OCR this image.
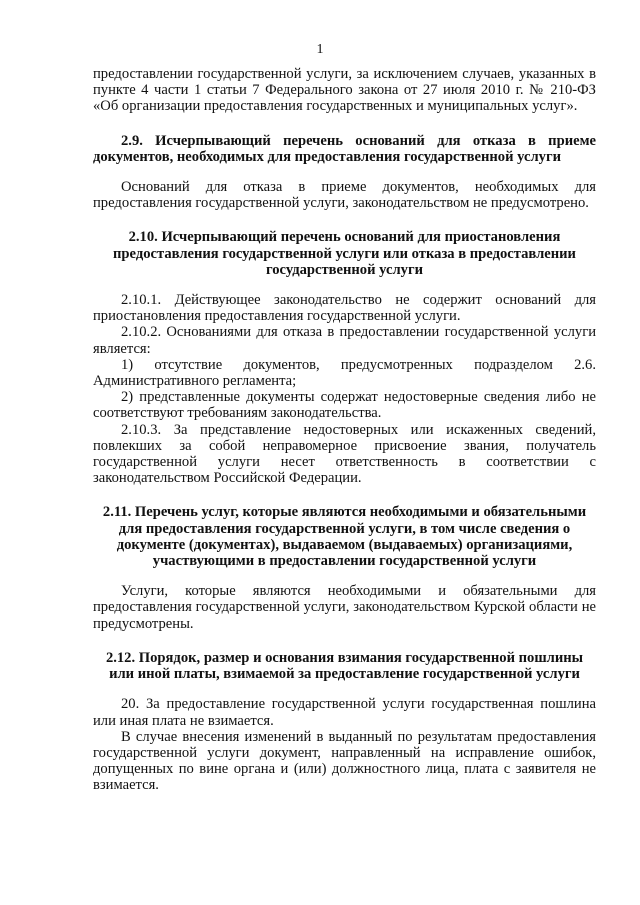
1

предоставлении государственной услуги, за исключением случаев, указанных в пункте 4 части 1 статьи 7 Федерального закона от 27 июля 2010 г. № 210-ФЗ «Об организации предоставления государственных и муниципальных услуг».

2.9. Исчерпывающий перечень оснований для отказа в приеме документов, необходимых для предоставления государственной услуги

Оснований для отказа в приеме документов, необходимых для предоставления государственной услуги, законодательством не предусмотрено.

2.10. Исчерпывающий перечень оснований для приостановления предоставления государственной услуги или отказа в предоставлении государственной услуги

2.10.1. Действующее законодательство не содержит оснований для приостановления предоставления государственной услуги.

2.10.2. Основаниями для отказа в предоставлении государственной услуги является:

1) отсутствие документов, предусмотренных подразделом 2.6. Административного регламента;

2) представленные документы содержат недостоверные сведения либо не соответствуют требованиям законодательства.

2.10.3. За представление недостоверных или искаженных сведений, повлекших за собой неправомерное присвоение звания, получатель государственной услуги несет ответственность в соответствии с законодательством Российской Федерации.

2.11. Перечень услуг, которые являются необходимыми и обязательными для предоставления государственной услуги, в том числе сведения о документе (документах), выдаваемом (выдаваемых) организациями, участвующими в предоставлении государственной услуги

Услуги, которые являются необходимыми и обязательными для предоставления государственной услуги, законодательством Курской области не предусмотрены.

2.12. Порядок, размер и основания взимания государственной пошлины или иной платы, взимаемой за предоставление государственной услуги

20. За предоставление государственной услуги государственная пошлина или иная плата не взимается.

В случае внесения изменений в выданный по результатам предоставления государственной услуги документ, направленный на исправление ошибок, допущенных по вине органа и (или) должностного лица, плата с заявителя не взимается.
